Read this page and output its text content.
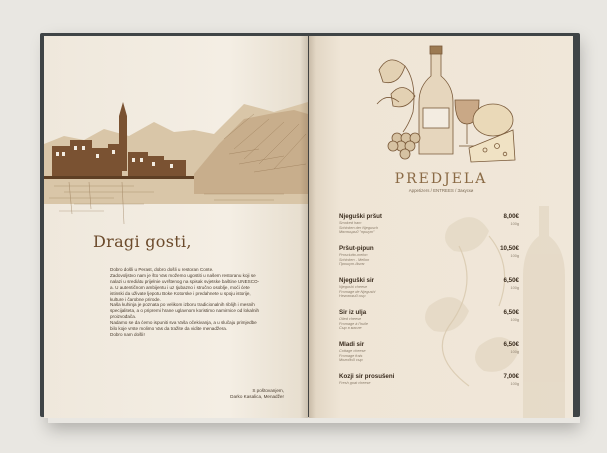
Dragi gosti,

Dobro došli u Perast, dobro došli u restoran Conte.

Zadovoljstvo nam je što Vas možemo ugostiti u našem restoranu koji se nalazi u srediátu prijelnie uvrštenog na spisak svjetske baštine UNESCO-a. U autentičnom ambijentu i uz Ijubazno i stručno osoblje, moći ćete istinski da uživate ljepotu Boke Kotorske i predahnete u spoju istorije, kulture i čarobne prirode.

Naša kuhinja je poznata po velikom izboru tradicionalnih riblijh i mesnih specijaliteta, a o pripremi hrane uglavnom koristimo namirnice od lokalnih proizvođača.

Nadamo se da ćemo ispuniti sva Vaša očekivanja, a u slučaju primjedbe bilo koje vrste molimo Vas da tražite da vidite menadžera.

Dobro nam došli!

S poštovanjem,
Darko Kasalica, Menadžer
PREDJELA
Appetizers / ENTREES / Закуски
Njeguški pršut	8,00€
Smoked ham
Schinken der Njegusch
Мясницкий "пршут"
100g
Pršut-pipun	10,50€
Prosciutto-melon
Schinken - Mellon
Прошут-дыня
100g
Njeguški sir	6,50€
Njegushi cheese
Fromage de Njegushi
Неговский сыр
100g
Sir iz ulja	6,50€
Oiled cheese
Fromage à l'huile
Сыр в масле
100g
Mladi sir	6,50€
Cottage cheese
Fromage frais
Молодой сыр
100g
Kozji sir prosušeni	7,00€
Fresh goat cheese	100g
